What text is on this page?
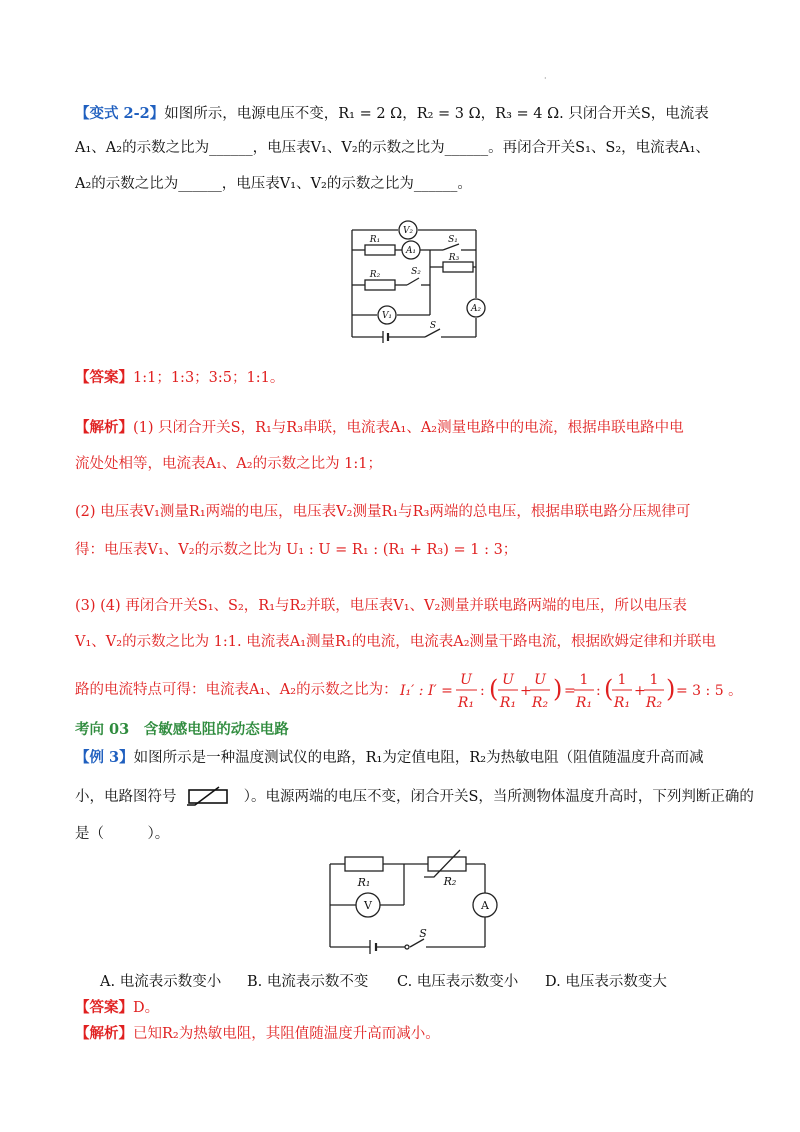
·
【变式 2-2】如图所示，电源电压不变，R₁ = 2 Ω，R₂ = 3 Ω，R₃ = 4 Ω. 只闭合开关S，电流表
A₁、A₂的示数之比为______，电压表V₁、V₂的示数之比为______。再闭合开关S₁、S₂，电流表A₁、
A₂的示数之比为______，电压表V₁、V₂的示数之比为______。
V₂
A₁
V₁
A₂
R₁
R₂
S₁
S₂
R₃
S
【答案】1:1；1:3；3:5；1:1。
【解析】(1) 只闭合开关S，R₁与R₃串联，电流表A₁、A₂测量电路中的电流，根据串联电路中电
流处处相等，电流表A₁、A₂的示数之比为 1:1；
(2) 电压表V₁测量R₁两端的电压，电压表V₂测量R₁与R₃两端的总电压，根据串联电路分压规律可
得：电压表V₁、V₂的示数之比为 U₁ : U = R₁ : (R₁ + R₃) = 1 : 3；
(3) (4) 再闭合开关S₁、S₂，R₁与R₂并联，电压表V₁、V₂测量并联电路两端的电压，所以电压表
V₁、V₂的示数之比为 1:1. 电流表A₁测量R₁的电流，电流表A₂测量干路电流，根据欧姆定律和并联电
路的电流特点可得：电流表A₁、A₂的示数之比为： I₁′ : I′ =
U
R₁
: ( U
R₁
+
U
R₂ ) =
1
R₁
: ( 1
R₁
+
1
R₂ ) = 3 : 5 。
考向 03　含敏感电阻的动态电路
【例 3】如图所示是一种温度测试仪的电路，R₁为定值电阻，R₂为热敏电阻（阻值随温度升高而减
小，电路图符号	）。电源两端的电压不变，闭合开关S，当所测物体温度升高时，下列判断正确的
是（　　　）。
V	A
R₁	R₂
S
A. 电流表示数变小 B. 电流表示数不变 C. 电压表示数变小 D. 电压表示数变大
【答案】D。
【解析】已知R₂为热敏电阻，其阻值随温度升高而减小。
